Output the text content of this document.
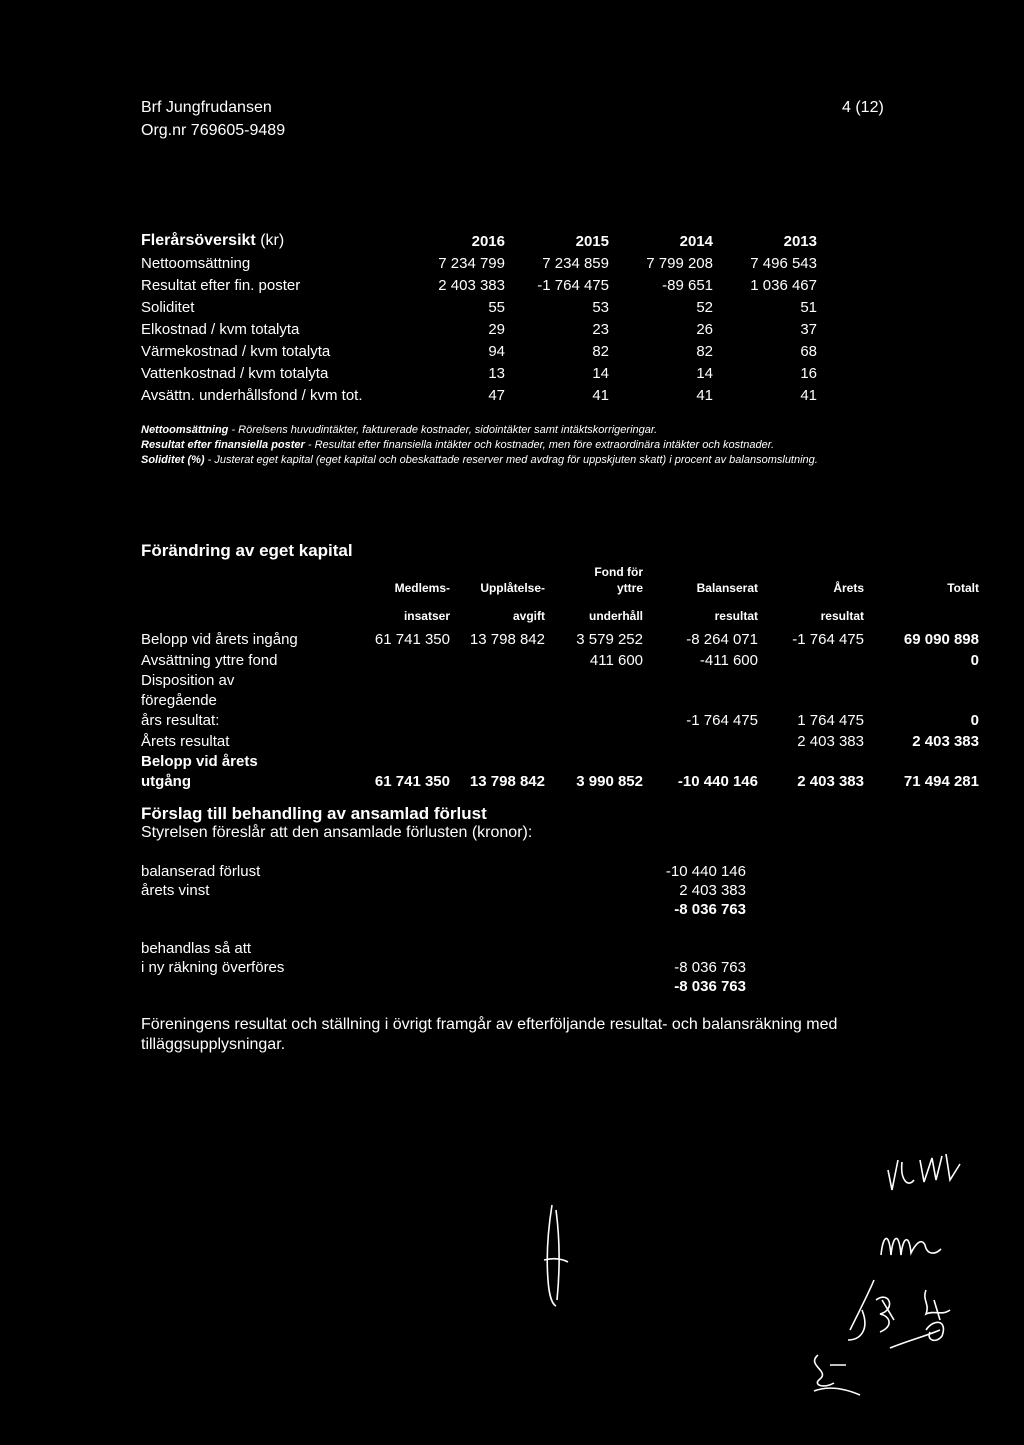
Brf Jungfrudansen
Org.nr 769605-9489
4 (12)
Flerårsöversikt (kr)	2016	2015	2014	2013
Nettoomsättning	7 234 799	7 234 859	7 799 208	7 496 543
Resultat efter fin. poster	2 403 383	-1 764 475	-89 651	1 036 467
Soliditet	55	53	52	51
Elkostnad / kvm totalyta	29	23	26	37
Värmekostnad / kvm totalyta	94	82	82	68
Vattenkostnad / kvm totalyta	13	14	14	16
Avsättn. underhållsfond / kvm tot.	47	41	41	41

Nettoomsättning - Rörelsens huvudintäkter, fakturerade kostnader, sidointäkter samt intäktskorrigeringar.

Resultat efter finansiella poster - Resultat efter finansiella intäkter och kostnader, men före extraordinära intäkter och kostnader.

Soliditet (%) - Justerat eget kapital (eget kapital och obeskattade reserver med avdrag för uppskjuten skatt) i procent av balansomslutning.

Förändring av eget kapital
			Fond för			
	Medlems-	Upplåtelse-	yttre	Balanserat	Årets	Totalt

	insatser	avgift	underhåll	resultat	resultat	
Belopp vid årets ingång	61 741 350	13 798 842	3 579 252	-8 264 071	-1 764 475	69 090 898
Avsättning yttre fond			411 600	-411 600		0
Disposition av föregående års resultat:				-1 764 475	1 764 475	0
Årets resultat					2 403 383	2 403 383
Belopp vid årets utgång	61 741 350	13 798 842	3 990 852	-10 440 146	2 403 383	71 494 281
Förslag till behandling av ansamlad förlust
Styrelsen föreslår att den ansamlade förlusten (kronor):
balanserad förlust	-10 440 146
årets vinst	2 403 383
	-8 036 763
behandlas så att	
i ny räkning överföres	-8 036 763
	-8 036 763
Föreningens resultat och ställning i övrigt framgår av efterföljande resultat- och balansräkning med tilläggsupplysningar.
